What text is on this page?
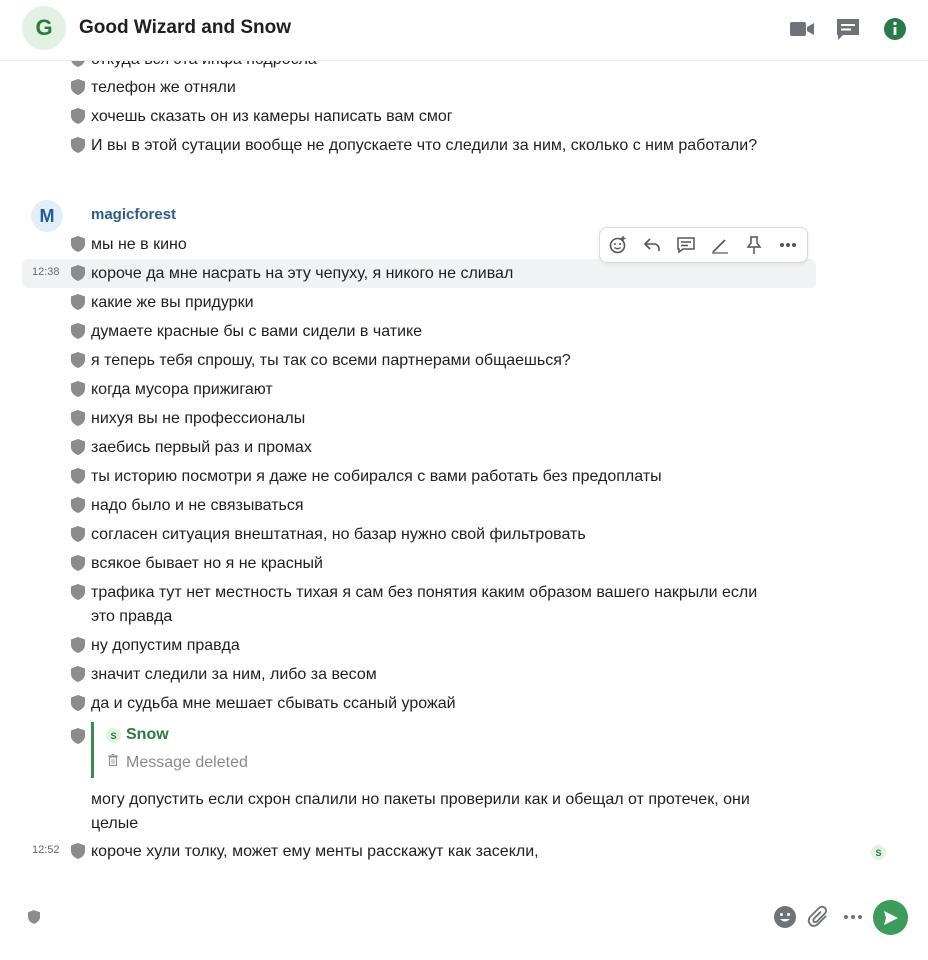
телефон же отняли
хочешь сказать он из камеры написать вам смог
И вы в этой сутации вообще не допускаете что следили за ним, сколько с ним работали?
M	magicforest
мы не в кино
12:38 короче да мне насрать на эту чепуху, я никого не сливал
какие же вы придурки
думаете красные бы с вами сидели в чатике
я теперь тебя спрошу, ты так со всеми партнерами общаешься?
когда мусора прижигают
нихуя вы не профессионалы
заебись первый раз и промах
ты историю посмотри я даже не собирался с вами работать без предоплаты
надо было и не связываться
согласен ситуация внештатная, но базар нужно свой фильтровать
всякое бывает но я не красный
трафика тут нет местность тихая я сам без понятия каким образом вашего накрыли если это правда
ну допустим правда
значит следили за ним, либо за весом
да и судьба мне мешает сбывать ссаный урожай
S Snow
Message deleted
могу допустить если схрон спалили но пакеты проверили как и обещал от протечек, они целые
12:52 короче хули толку, может ему менты расскажут как засекли,	S
G	Good Wizard and Snow
